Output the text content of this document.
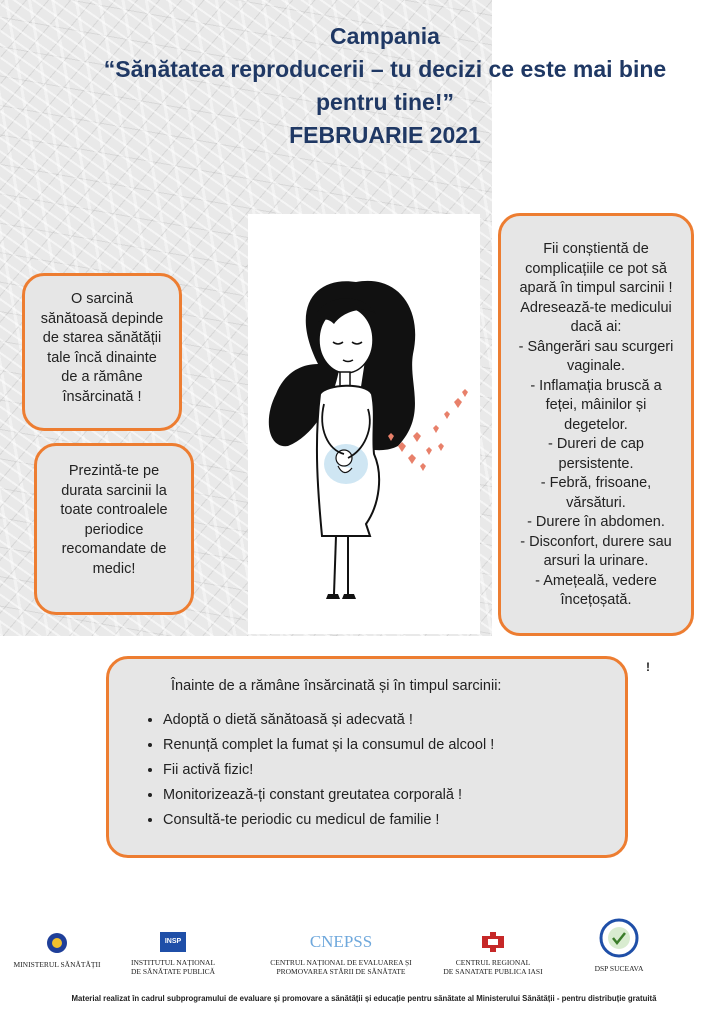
Campania
“Sănătatea reproducerii – tu decizi ce este mai bine
pentru tine!”
FEBRUARIE 2021
O sarcină
sănătoasă depinde
de starea sănătății
tale încă dinainte
de a rămâne
însărcinată !
Prezintă-te pe
durata sarcinii la
toate controalele
periodice
recomandate de
medic!
Fii conștientă de
complicațiile ce pot să
apară în timpul sarcinii !
Adresează-te medicului
dacă ai:
- Sângerări sau scurgeri
vaginale.
- Inflamația bruscă a
feței, mâinilor și
degetelor.
- Dureri de cap
persistente.
- Febră, frisoane,
vărsături.
- Durere în abdomen.
- Disconfort, durere sau
arsuri la urinare.
- Amețeală, vedere
încețoșată.
Înainte de a rămâne însărcinată și în timpul sarcinii:
• Adoptă o dietă sănătoasă și adecvată !
• Renunță complet la fumat și la consumul de alcool !
• Fii activă fizic!
• Monitorizează-ți constant greutatea corporală !
• Consultă-te periodic cu medicul de familie !
!
MINISTERUL SĂNĂTĂȚII
INSP
INSTITUTUL NAȚIONAL
DE SĂNĂTATE PUBLICĂ
CNEPSS
CENTRUL NAȚIONAL DE EVALUAREA ȘI
PROMOVAREA STĂRII DE SĂNĂTATE
CENTRUL REGIONAL
DE SANATATE PUBLICA IASI	DSP SUCEAVA
Material realizat în cadrul subprogramului de evaluare și promovare a sănătății și educație pentru sănătate al Ministerului Sănătății - pentru distribuție gratuită
